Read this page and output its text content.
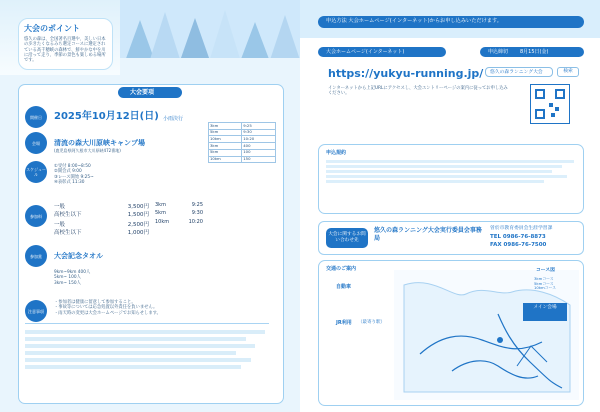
大会のポイント
悠久の森は、全国著名百選や、美しい日本の歩きたくなるみち選定コースに選定されている高千穂峡の森林で、鮮やかな中を川に沿って走り、季節の景色も楽しめる場所です。
大会要項
開催日	2025年10月12日(日) 小雨決行
会場	清流の森大川原峡キャンプ場
(鹿児島県阿久根市大川原峡472番地)
スケジュール
①受付 8:00~8:50
②開会式 9:00
③レース開始 9:25~
④表彰式 11:30
参加料
一般	3,500円
高校生以下	1,500円
一般	2,500円
高校生以下	1,000円
参加賞	大会記念タオル
9km~9km 400人
5km~ 100人
3km~ 150人
3km	9:25
5km	9:30
10km	10:20
3km	9:25
5km	9:30
10km	10:20
3km	400
5km	100
10km	150
注意事項
・参加者は健康に留意して参加すること。
・事故等については応急処置以外責任を負いません。
・雨天時の変更は大会ホームページでお知らせします。
申込方法 大会ホームページ(インターネット)からお申し込みいただけます。
大会ホームページ(インターネット)	申込締切 8月15日(金)
https://yukyu-running.jp/ 悠久の森ランニング大会	検索
インターネットから上記URLにアクセスし、大会エントリーページの案内に従ってお申し込みください。
申込規約
大会に関するお問い合わせ先
悠久の森ランニング大会実行委員会事務局
曽於市教育委員会生涯学習課
TEL 0986-76-8873
FAX 0986-76-7500
交通のご案内
自動車
JR利用 （最寄り駅）
メイン会場
コース図
3kmコース
5kmコース
10kmコース
